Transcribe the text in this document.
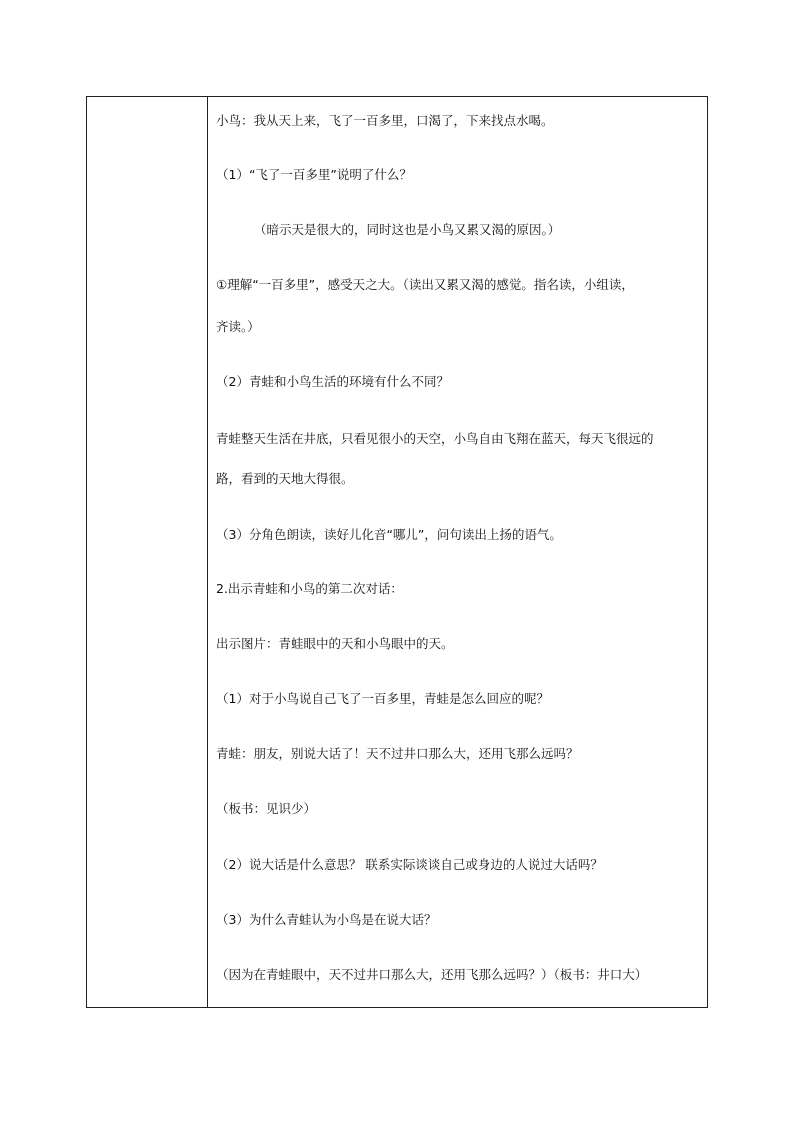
小鸟：我从天上来，飞了一百多里，口渴了，下来找点水喝。
（1）“飞了一百多里”说明了什么？
（暗示天是很大的，同时这也是小鸟又累又渴的原因。）
①理解“一百多里”，感受天之大。（读出又累又渴的感觉。指名读，小组读，
齐读。）
（2）青蛙和小鸟生活的环境有什么不同？
青蛙整天生活在井底，只看见很小的天空，小鸟自由飞翔在蓝天，每天飞很远的
路，看到的天地大得很。
（3）分角色朗读，读好儿化音“哪儿”，问句读出上扬的语气。
2.出示青蛙和小鸟的第二次对话：
出示图片：青蛙眼中的天和小鸟眼中的天。
（1）对于小鸟说自己飞了一百多里，青蛙是怎么回应的呢？
青蛙：朋友，别说大话了！天不过井口那么大，还用飞那么远吗？
（板书：见识少）
（2）说大话是什么意思？ 联系实际谈谈自己或身边的人说过大话吗？
（3）为什么青蛙认为小鸟是在说大话？
（因为在青蛙眼中，天不过井口那么大，还用飞那么远吗？）（板书：井口大）
